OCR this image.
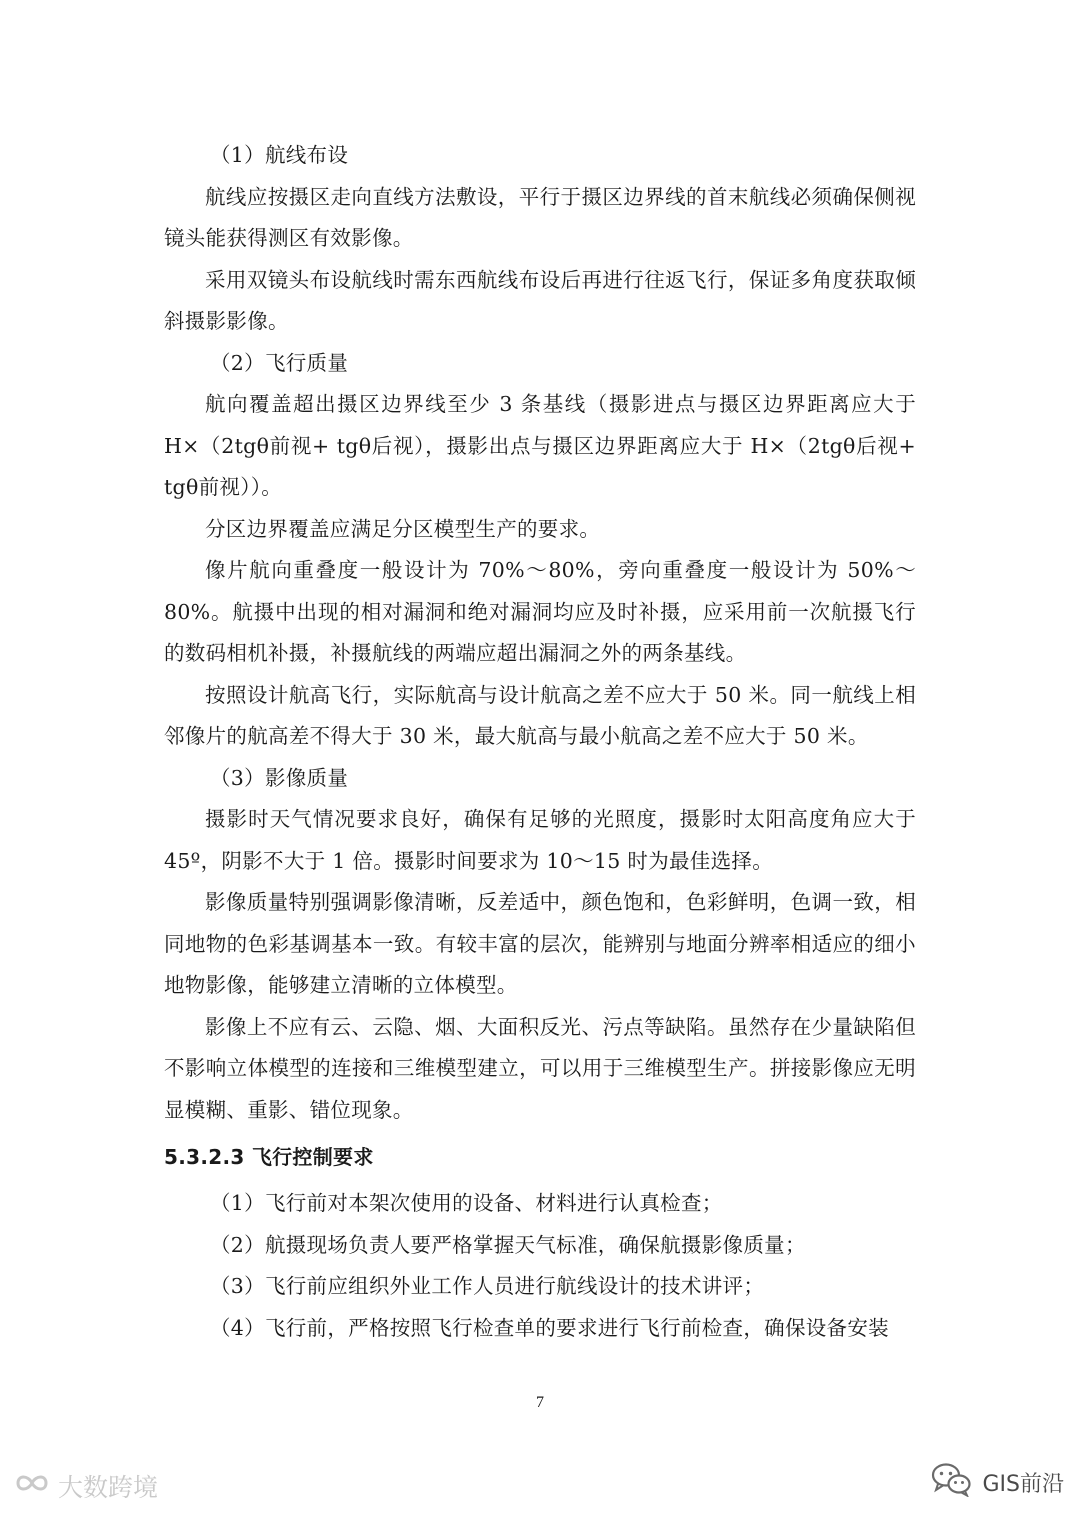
（1）航线布设

航线应按摄区走向直线方法敷设，平行于摄区边界线的首末航线必须确保侧视镜头能获得测区有效影像。

采用双镜头布设航线时需东西航线布设后再进行往返飞行，保证多角度获取倾斜摄影影像。

（2）飞行质量

航向覆盖超出摄区边界线至少 3 条基线（摄影进点与摄区边界距离应大于 H×（2tgθ前视+ tgθ后视），摄影出点与摄区边界距离应大于 H×（2tgθ后视+ tgθ前视））。

分区边界覆盖应满足分区模型生产的要求。

像片航向重叠度一般设计为 70%～80%，旁向重叠度一般设计为 50%～80%。航摄中出现的相对漏洞和绝对漏洞均应及时补摄，应采用前一次航摄飞行的数码相机补摄，补摄航线的两端应超出漏洞之外的两条基线。

按照设计航高飞行，实际航高与设计航高之差不应大于 50 米。同一航线上相邻像片的航高差不得大于 30 米，最大航高与最小航高之差不应大于 50 米。

（3）影像质量

摄影时天气情况要求良好，确保有足够的光照度，摄影时太阳高度角应大于 45º，阴影不大于 1 倍。摄影时间要求为 10～15 时为最佳选择。

影像质量特别强调影像清晰，反差适中，颜色饱和，色彩鲜明，色调一致，相同地物的色彩基调基本一致。有较丰富的层次，能辨别与地面分辨率相适应的细小地物影像，能够建立清晰的立体模型。

影像上不应有云、云隐、烟、大面积反光、污点等缺陷。虽然存在少量缺陷但不影响立体模型的连接和三维模型建立，可以用于三维模型生产。拼接影像应无明显模糊、重影、错位现象。

5.3.2.3 飞行控制要求

（1）飞行前对本架次使用的设备、材料进行认真检查；

（2）航摄现场负责人要严格掌握天气标准，确保航摄影像质量；

（3）飞行前应组织外业工作人员进行航线设计的技术讲评；

（4）飞行前，严格按照飞行检查单的要求进行飞行前检查，确保设备安装

7
大数跨境	GIS前沿
